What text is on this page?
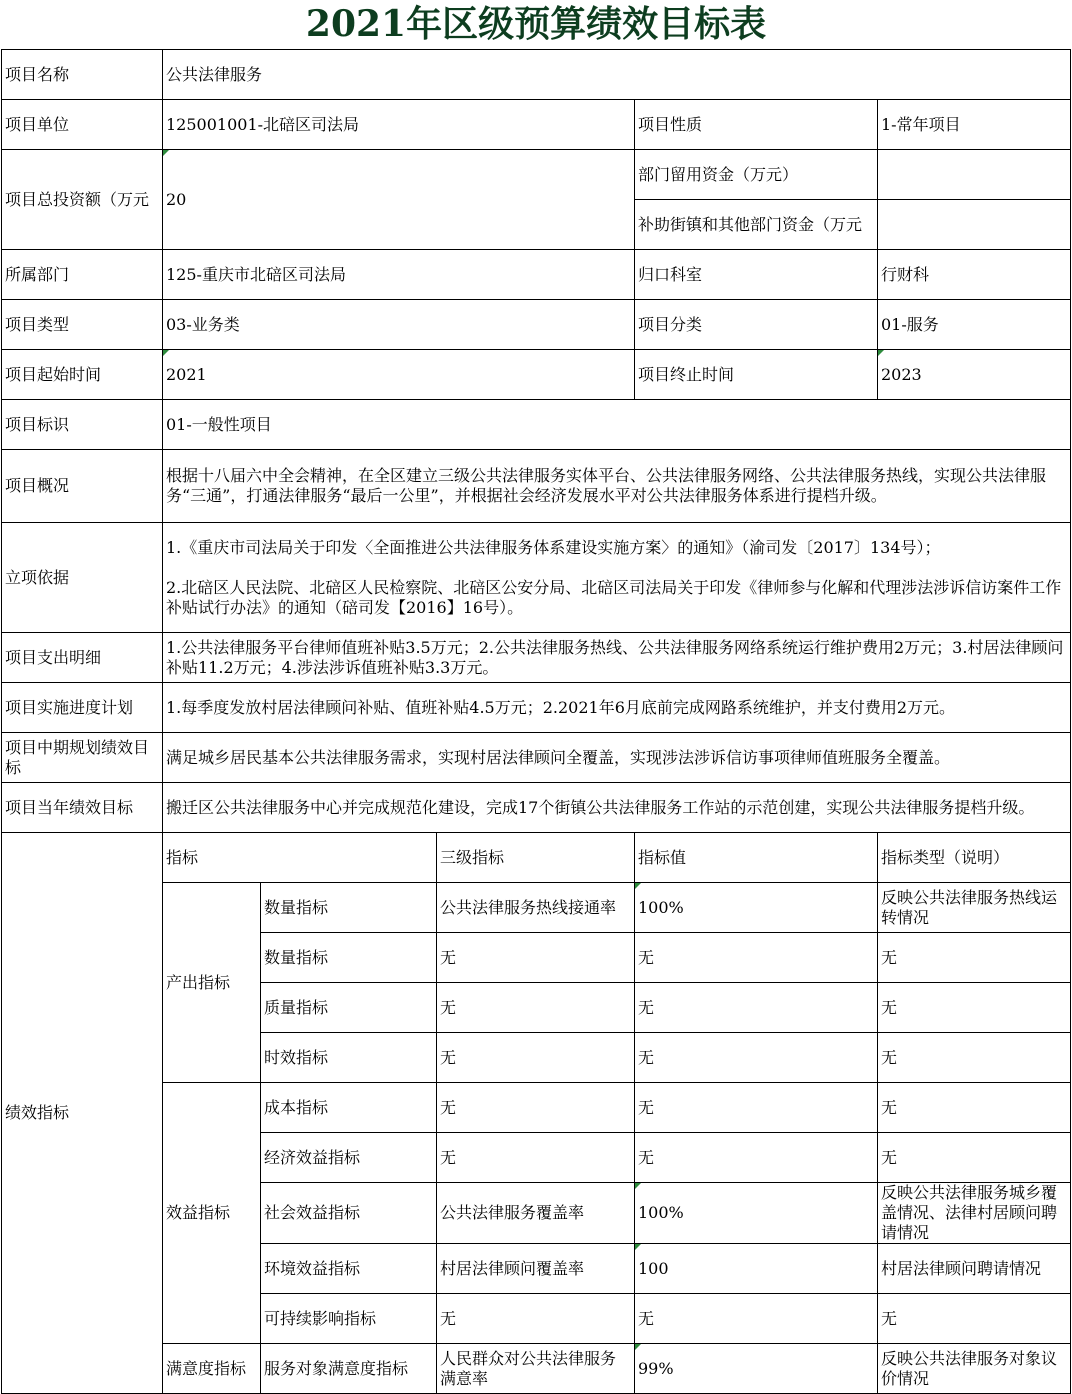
2021年区级预算绩效目标表
项目名称	公共法律服务				
项目单位	125001001-北碚区司法局			项目性质	1-常年项目
项目总投资额（万元	20			部门留用资金（万元）	
				补助街镇和其他部门资金（万元	
所属部门	125-重庆市北碚区司法局			归口科室	行财科
项目类型	03-业务类			项目分类	01-服务
项目起始时间	2021			项目终止时间	2023
项目标识	01-一般性项目				
项目概况	根据十八届六中全会精神，在全区建立三级公共法律服务实体平台、公共法律服务网络、公共法律服务热线，实现公共法律服务“三通”，打通法律服务“最后一公里”，并根据社会经济发展水平对公共法律服务体系进行提档升级。				
立项依据	1.《重庆市司法局关于印发〈全面推进公共法律服务体系建设实施方案〉的通知》（渝司发〔2017〕134号）；
2.北碚区人民法院、北碚区人民检察院、北碚区公安分局、北碚区司法局关于印发《律师参与化解和代理涉法涉诉信访案件工作补贴试行办法》的通知（碚司发【2016】16号）。				

项目支出明细	1.公共法律服务平台律师值班补贴3.5万元；2.公共法律服务热线、公共法律服务网络系统运行维护费用2万元；3.村居法律顾问补贴11.2万元；4.涉法涉诉值班补贴3.3万元。				
项目实施进度计划	1.每季度发放村居法律顾问补贴、值班补贴4.5万元；2.2021年6月底前完成网路系统维护，并支付费用2万元。				
项目中期规划绩效目标	满足城乡居民基本公共法律服务需求，实现村居法律顾问全覆盖，实现涉法涉诉信访事项律师值班服务全覆盖。				
项目当年绩效目标	搬迁区公共法律服务中心并完成规范化建设，完成17个街镇公共法律服务工作站的示范创建，实现公共法律服务提档升级。				
绩效指标	指标		三级指标	指标值	指标类型（说明）
	产出指标	数量指标	公共法律服务热线接通率	100%	反映公共法律服务热线运转情况
		数量指标	无	无	无
		质量指标	无	无	无
		时效指标	无	无	无
	效益指标	成本指标	无	无	无
		经济效益指标	无	无	无
		社会效益指标	公共法律服务覆盖率	100%	反映公共法律服务城乡覆盖情况、法律村居顾问聘请情况
		环境效益指标	村居法律顾问覆盖率	100	村居法律顾问聘请情况
		可持续影响指标	无	无	无
	满意度指标	服务对象满意度指标	人民群众对公共法律服务满意率	99%	反映公共法律服务对象议价情况
